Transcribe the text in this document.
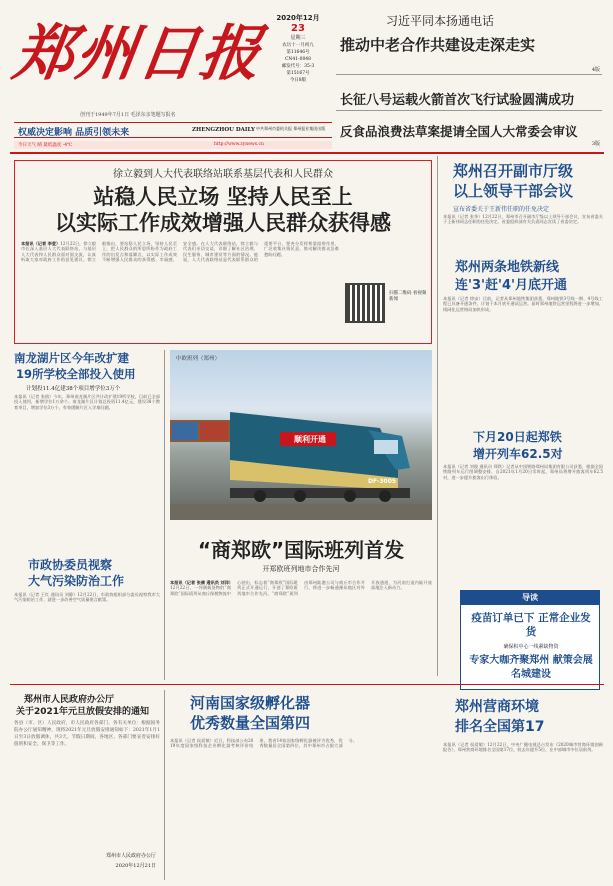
郑州日报
2020年12月
23
星期三
农历十一月初九
第11646号
CN41-0048
邮发代号：35-3
第15167号
今日8版
创刊于1949年7月1日 毛泽东亲笔题写报名
权威决定影响 品质引领未来	ZHENGZHOU DAILY 中共郑州市委机关报 郑州报业集团出版
今日天气 晴 最低温度 -4℃	http://www.zynews.cn
习近平同本扬通电话
推动中老合作共建设走深走实
4版
长征八号运载火箭首次飞行试验圆满成功
反食品浪费法草案提请全国人大常委会审议
3版
徐立毅到人大代表联络站联系基层代表和人民群众
站稳人民立场 坚持人民至上
以实际工作成效增强人民群众获得感
本报讯（记者 李莹）12月22日，徐立毅市长深入基层人大代表联络站，与基层人大代表和人民群众面对面交流，认真听取大家对政府工作的意见建议。徐立毅指出，要站稳人民立场，坚持人民至上，把人民群众的所思所盼作为政府工作的出发点和落脚点，以实际工作成效不断增强人民群众的获得感、幸福感、安全感。在人大代表联络站，徐立毅与代表们亲切交谈，详细了解社区治理、民生服务、城市建设等方面的情况。他说，人大代表联络站是代表联系群众的重要平台，要充分发挥桥梁纽带作用，广泛收集社情民意，推动解决群众急难愁盼问题。
扫描二维码 看视频新闻
郑州召开副市厅级
以上领导干部会议
宣布省委关于王新伟任职的任免决定
本报讯（记者 张华）12月22日，郑州市召开副市厅级以上领导干部会议，宣布省委关于王新伟同志任职的任免决定。省委组织部有关负责同志宣读了省委决定。
郑州两条地铁新线
连'3'赶'4'月底开通
本报讯（记者 徐宙）目前，记者从郑州地铁集团获悉，郑州地铁3号线一期、4号线工程已具备开通条件，计划于本月底开通试运营。届时郑州地铁运营里程将进一步增加，线网化运营格局加快形成。
下月20日起郑铁
增开列车62.5对
本报讯（记者 刘俊 通讯员 郑铁）记者从中国铁路郑州局集团有限公司获悉，根据全国铁路列车运行图调整安排，自2021年1月20日零时起，郑州局将增开旅客列车62.5对，进一步提升旅客出行体验。
导读
疫苗订单已下 正常企业发货
确保积中心一线紧缺物资
专家大咖齐聚郑州 献策会展名城建设
郑州营商环境
排名全国第17
本报讯（记者 侯爱敏）12月22日，中央广播电视总台发布《2020城市营商环境创新报告》，郑州营商环境排名全国第17位，较去年提升5位，在中部城市中位居前列。
南龙湖片区今年改扩建
19所学校全部投入使用
计划投11.4亿建38个项目增学位3万个
本报讯（记者 张倩）今年，郑州南龙湖片区共计改扩建19所学校，目前已全部投入使用，新增学位1万余个。南龙湖片区计划总投资11.4亿元，建设38个教育项目，增加学位3万个，有效缓解片区入学难问题。
市政协委员视察
大气污染防治工作
本报讯（记者 王红 通讯员 刘静）12月22日，市政协组织部分委员视察我市大气污染防治工作，就进一步改善空气质量建言献策。
顺利开通
DF-3005
中欧班列（郑州）
“商郑欧”国际班列首发
开郑欧班列地市合作先河
本报讯（记者 张倩 通讯员 刘洋）12月22日，一列满载货物的“商郑欧”国际班列从商丘保税物流中心驶出，标志着“商郑欧”国际班列正式开通运行，开创了郑欧班列地市合作先河。“商郑欧”班列由郑州陆港公司与商丘市合作开行，将进一步畅通豫东地区对外开放通道，为河南打造内陆开放高地注入新动力。
郑州市人民政府办公厅
关于2021年元旦放假安排的通知
各县（市、区）人民政府，市人民政府各部门，各有关单位：根据国务院办公厅通知精神，现将2021年元旦放假安排通知如下：2021年1月1日至3日放假调休，共3天。节假日期间，各地区、各部门要妥善安排好值班和安全、保卫等工作。
郑州市人民政府办公厅
2020年12月21日
河南国家级孵化器
优秀数量全国第四
本报讯（记者 侯爱敏）近日，科技部公布2019年度国家级科技企业孵化器考核评价结果，我省14家国家级孵化器被评为优秀，优秀数量居全国第四位，其中郑州市占据大部分。
